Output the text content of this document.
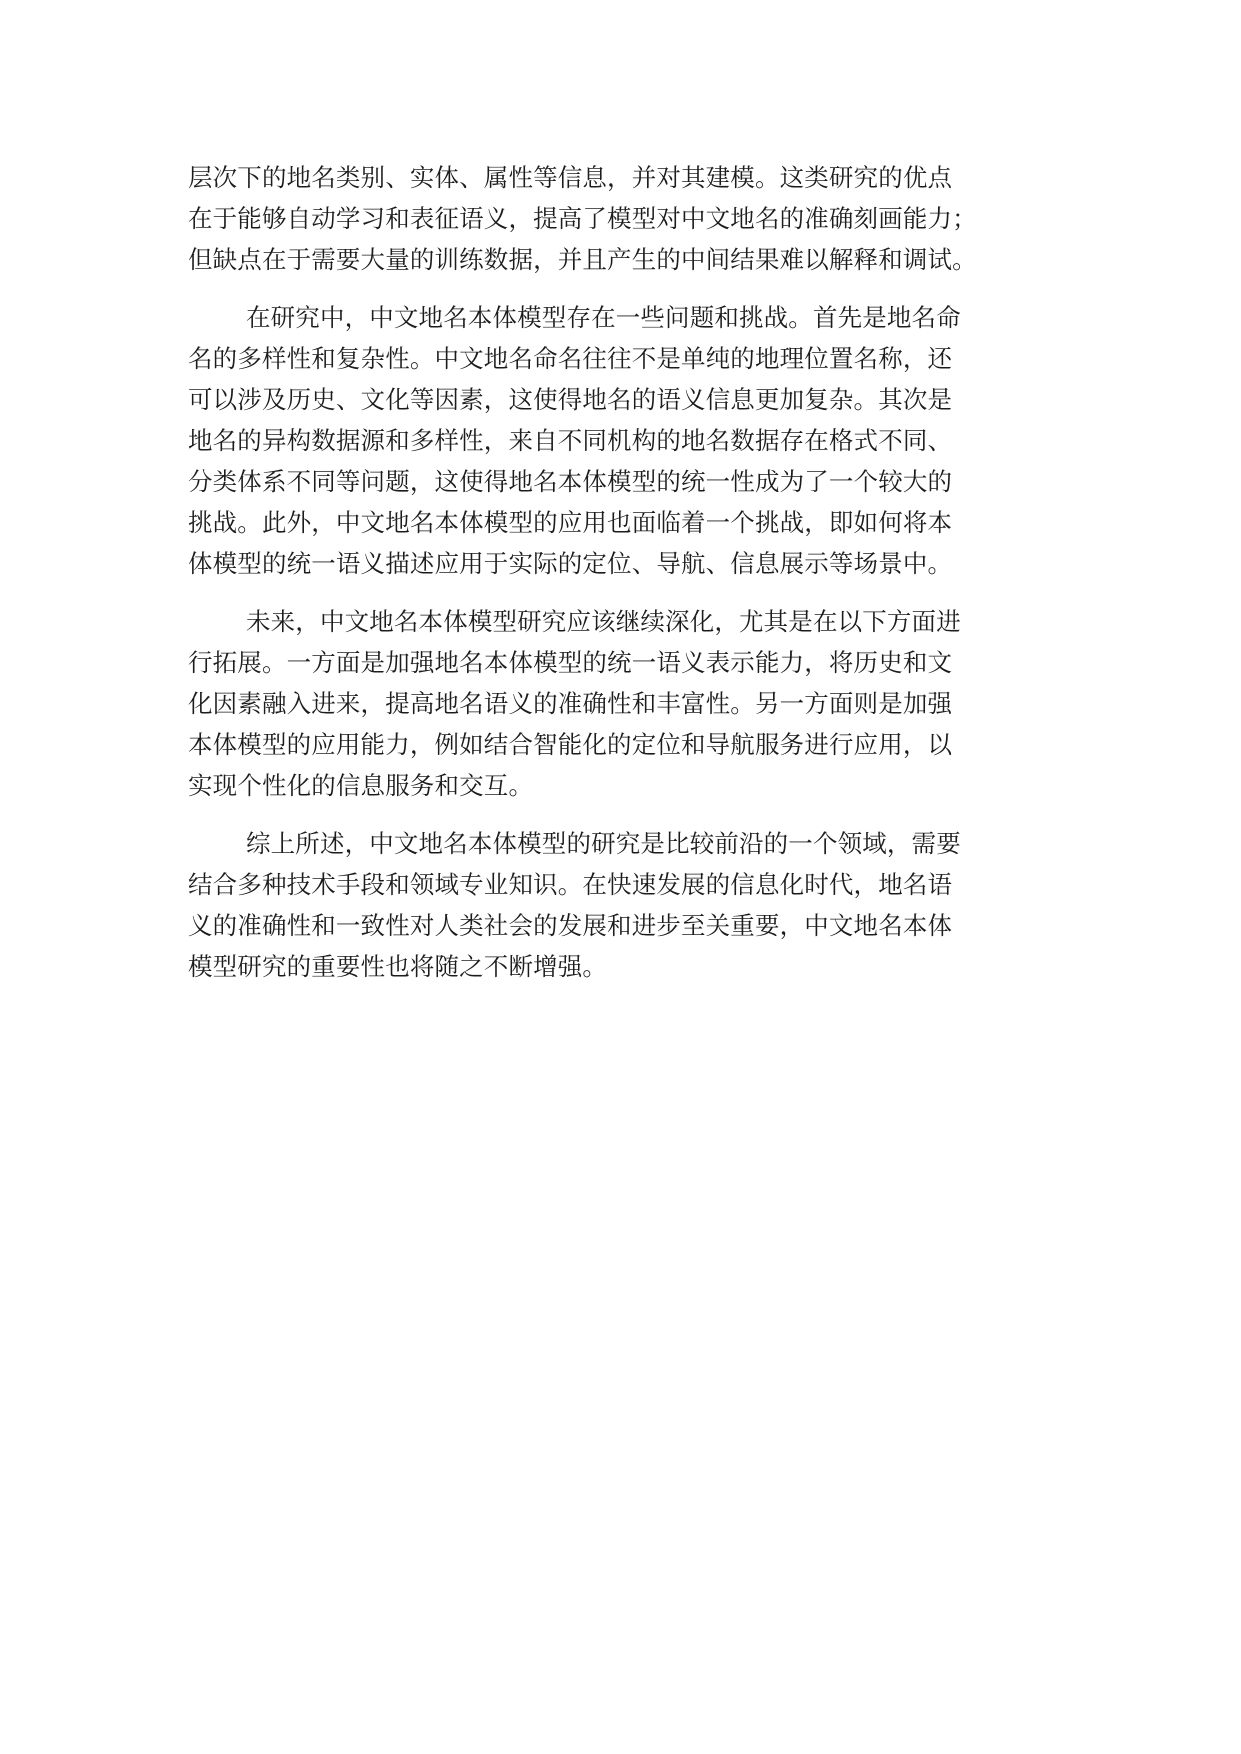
层次下的地名类别、实体、属性等信息，并对其建模。这类研究的优点
在于能够自动学习和表征语义，提高了模型对中文地名的准确刻画能力；
但缺点在于需要大量的训练数据，并且产生的中间结果难以解释和调试。
在研究中，中文地名本体模型存在一些问题和挑战。首先是地名命
名的多样性和复杂性。中文地名命名往往不是单纯的地理位置名称，还
可以涉及历史、文化等因素，这使得地名的语义信息更加复杂。其次是
地名的异构数据源和多样性，来自不同机构的地名数据存在格式不同、
分类体系不同等问题，这使得地名本体模型的统一性成为了一个较大的
挑战。此外，中文地名本体模型的应用也面临着一个挑战，即如何将本
体模型的统一语义描述应用于实际的定位、导航、信息展示等场景中。
未来，中文地名本体模型研究应该继续深化，尤其是在以下方面进
行拓展。一方面是加强地名本体模型的统一语义表示能力，将历史和文
化因素融入进来，提高地名语义的准确性和丰富性。另一方面则是加强
本体模型的应用能力，例如结合智能化的定位和导航服务进行应用，以
实现个性化的信息服务和交互。
综上所述，中文地名本体模型的研究是比较前沿的一个领域，需要
结合多种技术手段和领域专业知识。在快速发展的信息化时代，地名语
义的准确性和一致性对人类社会的发展和进步至关重要，中文地名本体
模型研究的重要性也将随之不断增强。
